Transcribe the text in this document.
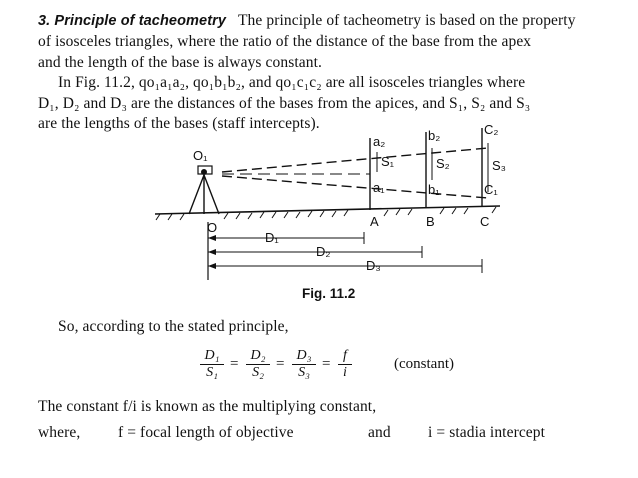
3. Principle of tacheometry The principle of tacheometry is based on the property
of isosceles triangles, where the ratio of the distance of the base from the apex
and the length of the base is always constant.
In Fig. 11.2, qo₁a₁a₂, qo₁b₁b₂, and qo₁c₁c₂ are all isosceles triangles where
D₁, D₂ and D₃ are the distances of the bases from the apices, and S₁, S₂ and S₃
are the lengths of the bases (staff intercepts).
O₁
O
a₂
S₁
a₁
b₂
S₂
b₁
C₂
S₃
C₁
A	B	C
D₁
D₂
D₃
Fig. 11.2
So, according to the stated principle,
$\frac{\text{D₁}}{\text{S₁}} = \frac{\text{D₂}}{\text{S₂}} = \frac{\text{D₃}}{\text{S₃}} = \frac{f}{i}$	(constant)
The constant f/i is known as the multiplying constant,
where, f = focal length of objective	and i = stadia intercept
